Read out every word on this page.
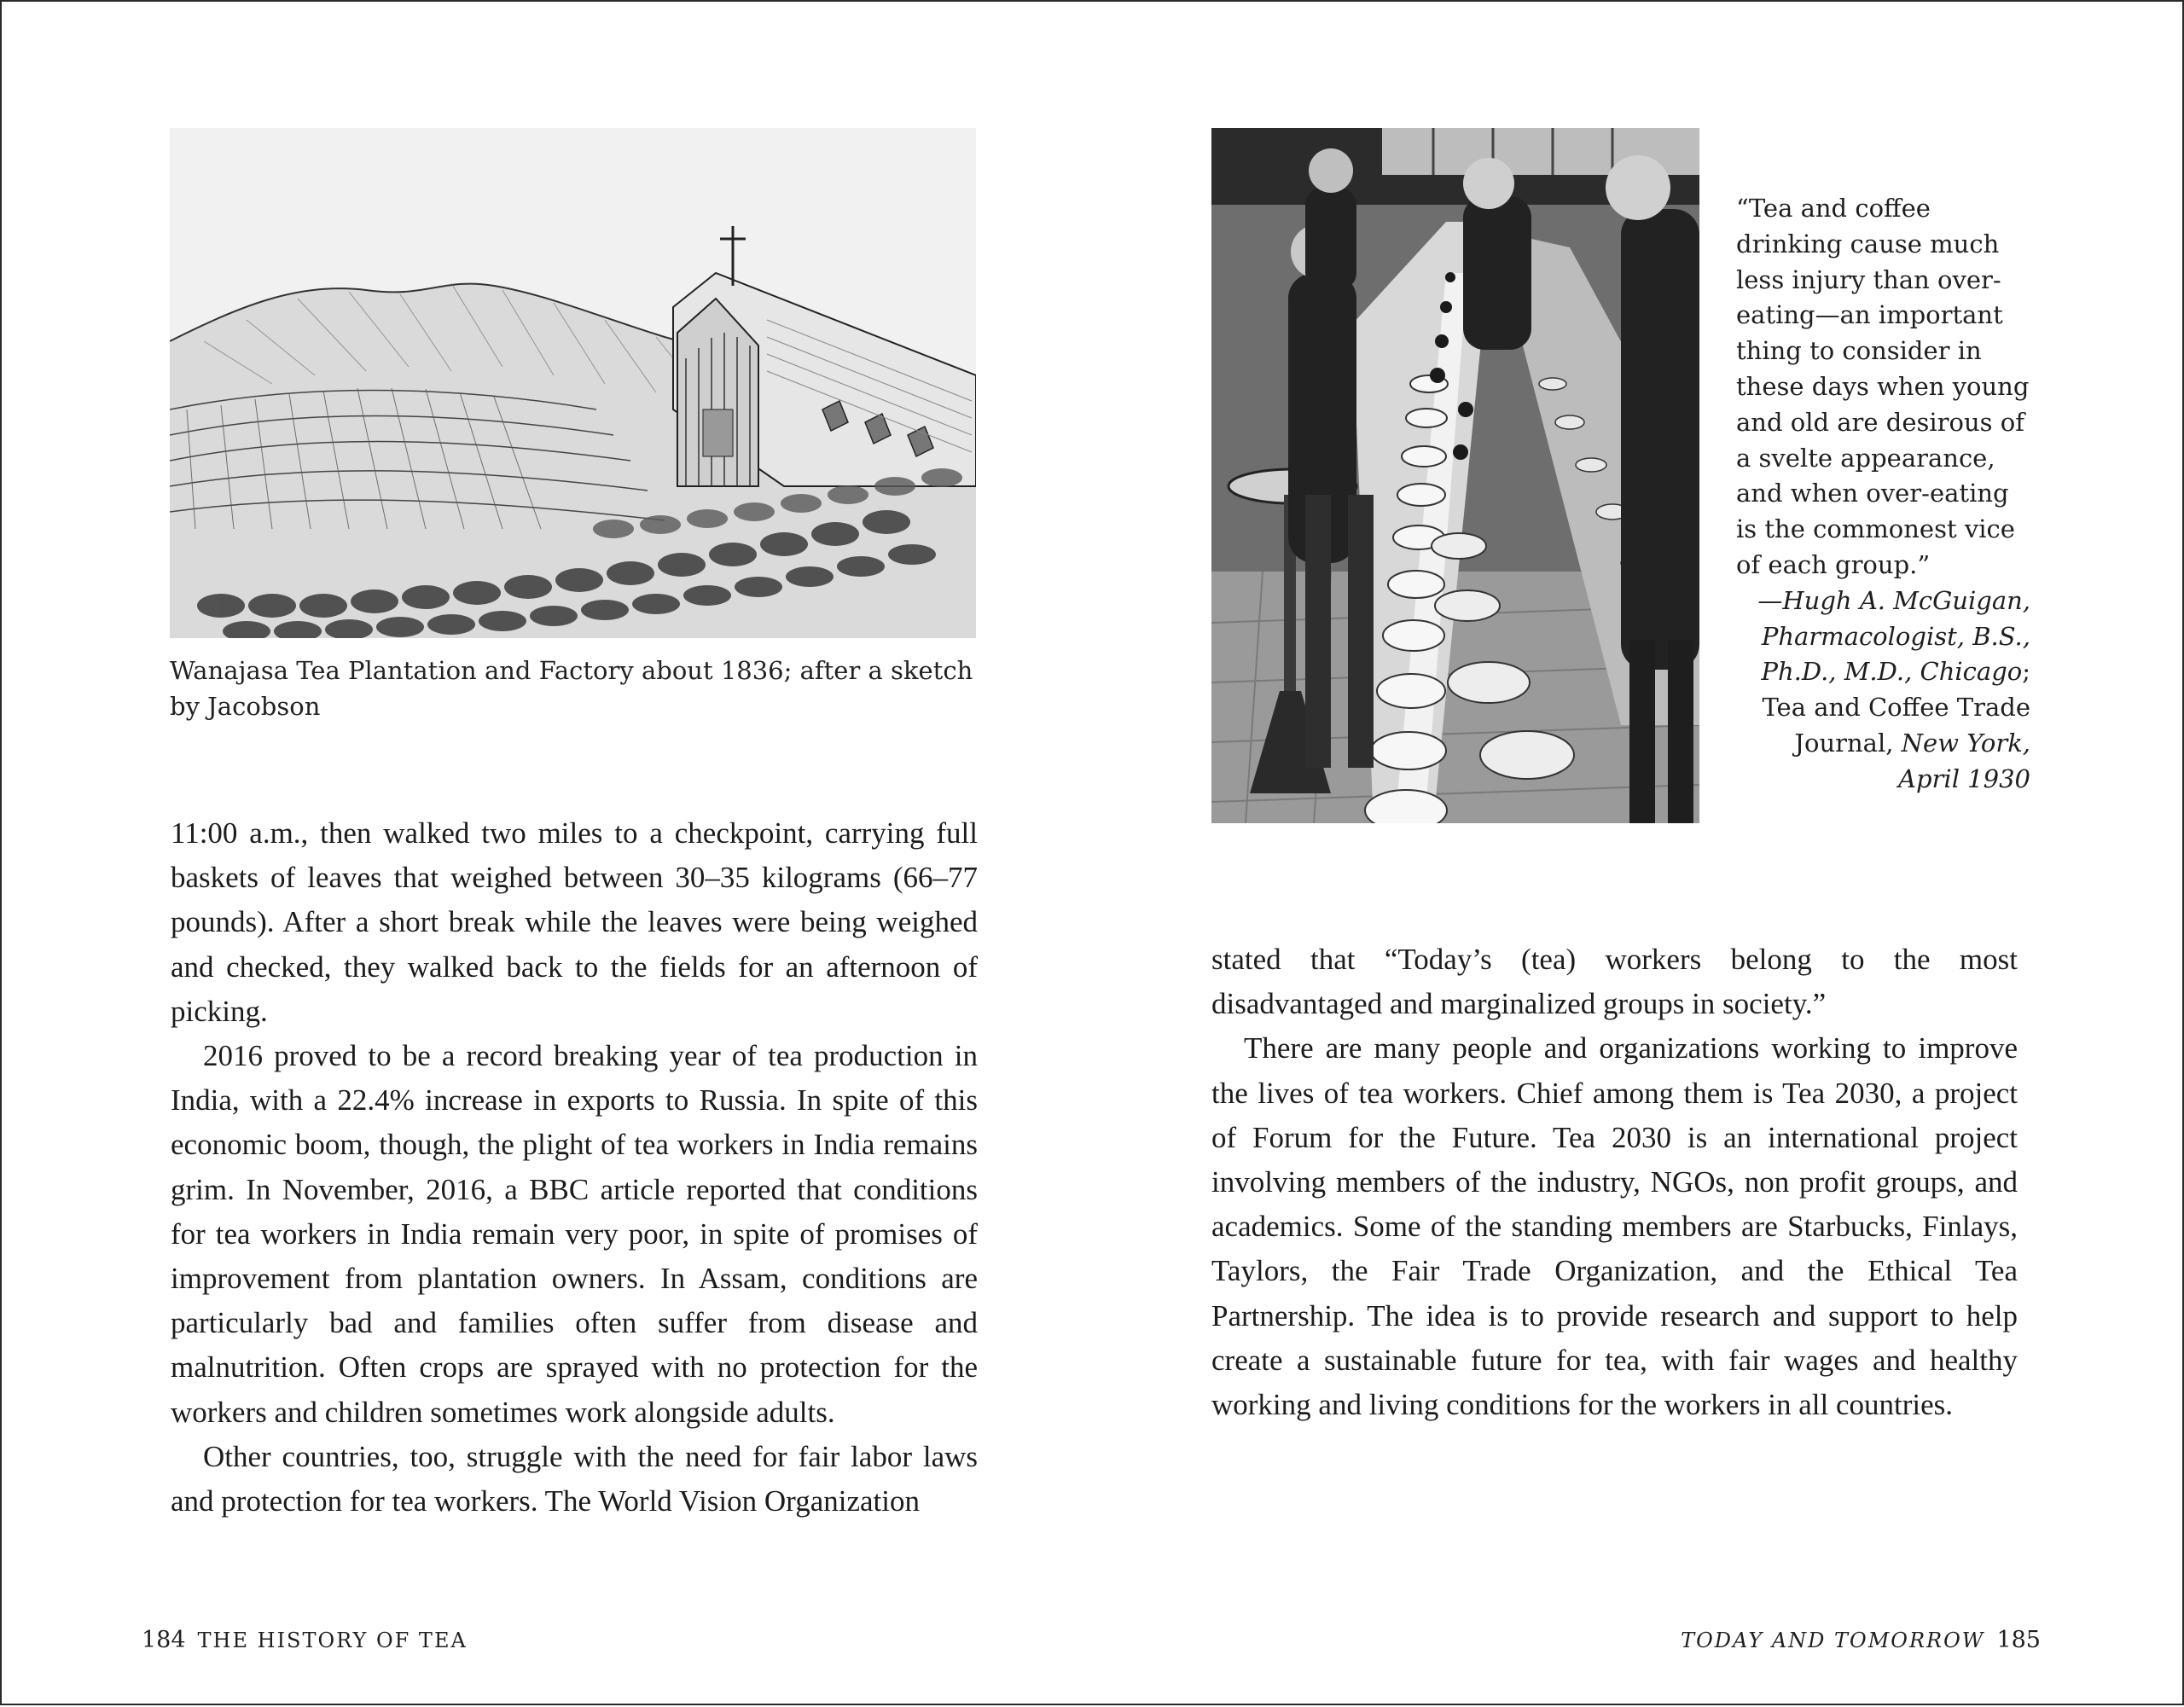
Wanajasa Tea Plantation and Factory about 1836; after a sketch by Jacobson

11:00 a.m., then walked two miles to a checkpoint, carrying full baskets of leaves that weighed between 30–35 kilograms (66–77 pounds). After a short break while the leaves were being weighed and checked, they walked back to the fields for an afternoon of picking.

2016 proved to be a record breaking year of tea production in India, with a 22.4% increase in exports to Russia. In spite of this economic boom, though, the plight of tea workers in India remains grim. In November, 2016, a BBC article reported that conditions for tea workers in India remain very poor, in spite of promises of improvement from plantation owners. In Assam, conditions are particularly bad and families often suffer from disease and malnutrition. Often crops are sprayed with no protection for the workers and children sometimes work alongside adults.

Other countries, too, struggle with the need for fair labor laws and protection for tea workers. The World Vision Organization

184 THE HISTORY OF TEA

“Tea and coffee drinking cause much less injury than over-eating—an important thing to consider in these days when young and old are desirous of a svelte appearance, and when over-eating is the commonest vice of each group.”

—Hugh A. McGuigan, Pharmacologist, B.S., Ph.D., M.D., Chicago; Tea and Coffee Trade Journal, New York, April 1930

stated that “Today’s (tea) workers belong to the most disadvantaged and marginalized groups in society.”

There are many people and organizations working to improve the lives of tea workers. Chief among them is Tea 2030, a project of Forum for the Future. Tea 2030 is an international project involving members of the industry, NGOs, non profit groups, and academics. Some of the standing members are Starbucks, Finlays, Taylors, the Fair Trade Organization, and the Ethical Tea Partnership. The idea is to provide research and support to help create a sustainable future for tea, with fair wages and healthy working and living conditions for the workers in all countries.

TODAY AND TOMORROW 185
